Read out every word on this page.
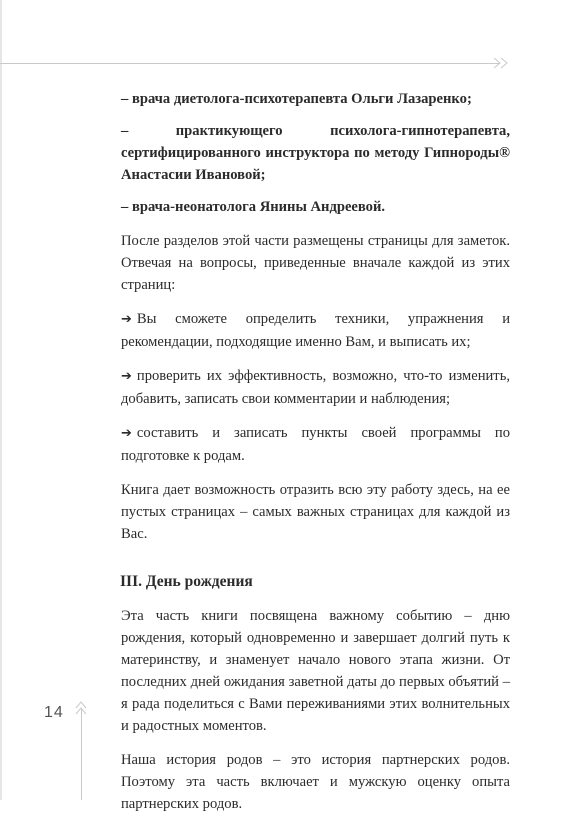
– врача диетолога-психотерапевта Ольги Лазаренко;

– практикующего психолога-гипнотерапевта, сертифицированного инструктора по методу Гипнороды® Анастасии Ивановой;

– врача-неонатолога Янины Андреевой.

После разделов этой части размещены страницы для заметок. Отвечая на вопросы, приведенные вначале каждой из этих страниц:

➔ Вы сможете определить техники, упражнения и рекомендации, подходящие именно Вам, и выписать их;

➔ проверить их эффективность, возможно, что-то изменить, добавить, записать свои комментарии и наблюдения;

➔ составить и записать пункты своей программы по подготовке к родам.

Книга дает возможность отразить всю эту работу здесь, на ее пустых страницах – самых важных страницах для каждой из Вас.

III. День рождения

Эта часть книги посвящена важному событию – дню рождения, который одновременно и завершает долгий путь к материнству, и знаменует начало нового этапа жизни. От последних дней ожидания заветной даты до первых объятий – я рада поделиться с Вами переживаниями этих волнительных и радостных моментов.

Наша история родов – это история партнерских родов. Поэтому эта часть включает и мужскую оценку опыта партнерских родов.

14
